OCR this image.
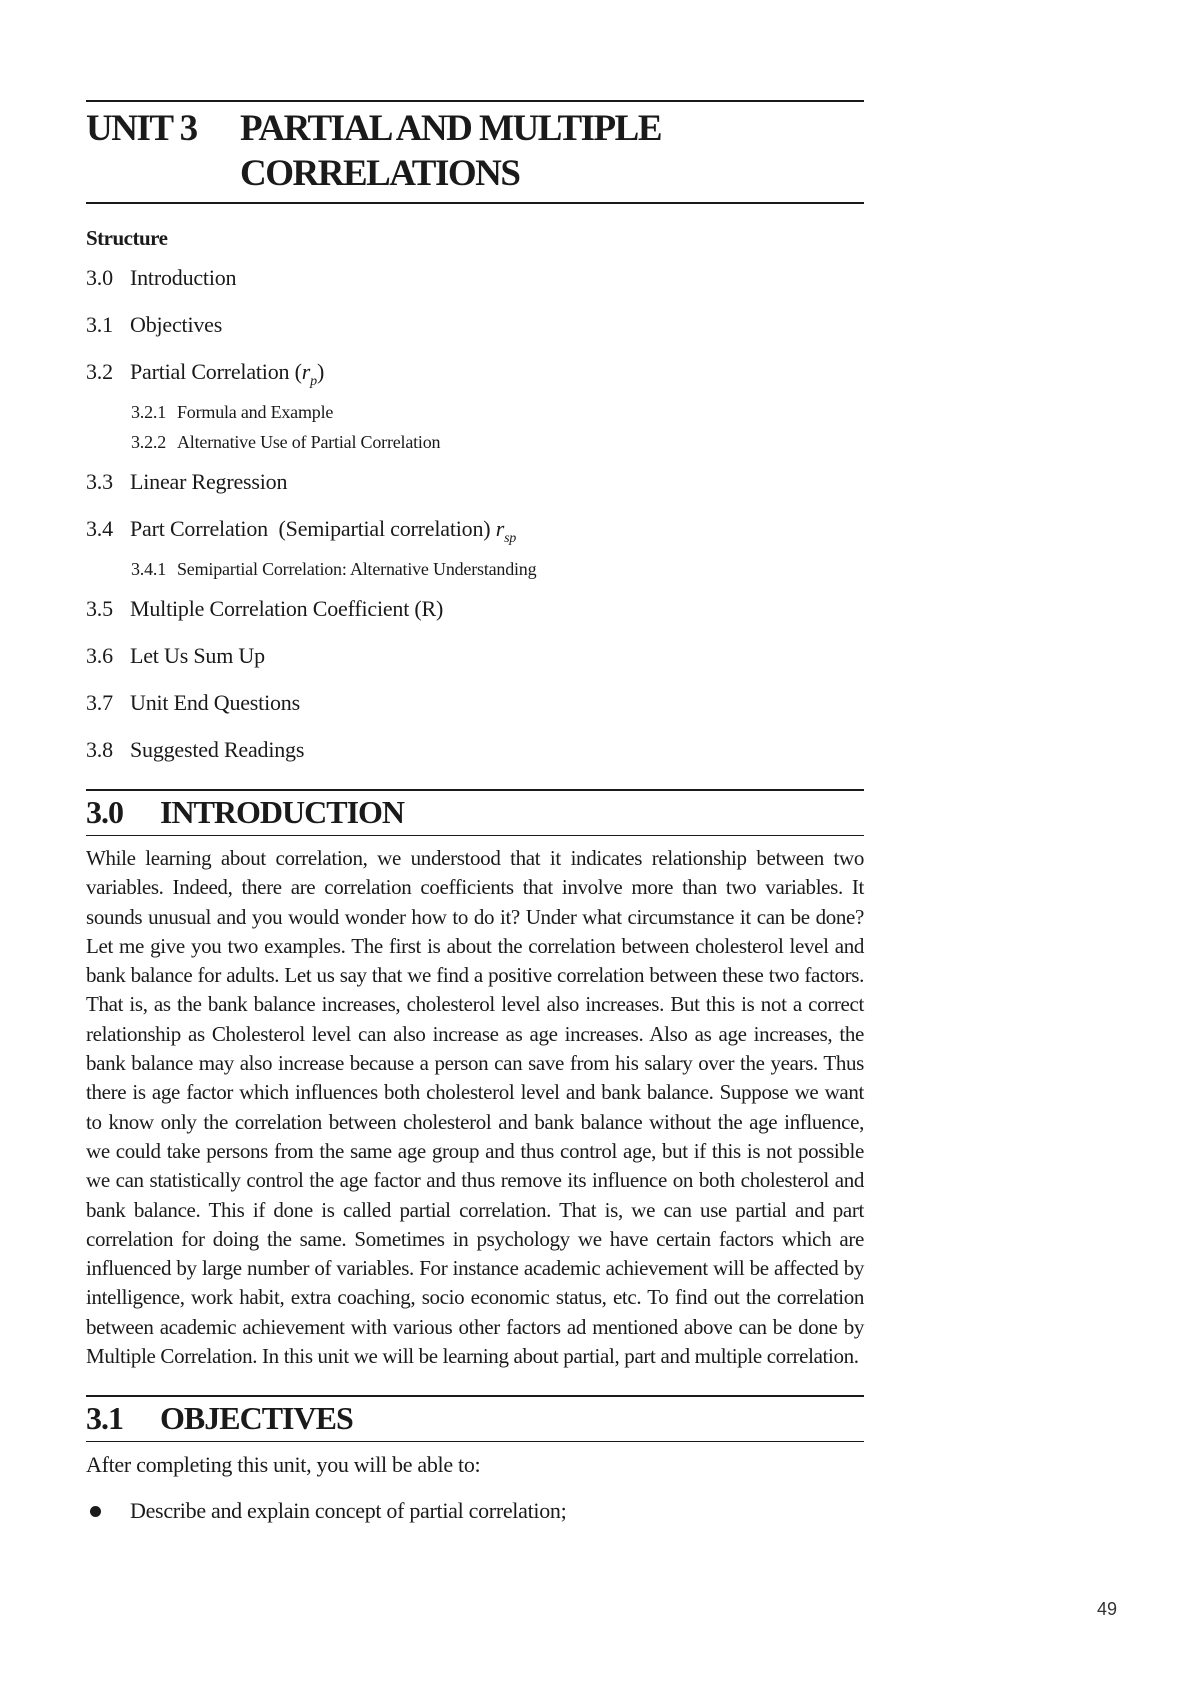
UNIT 3	PARTIAL AND MULTIPLE
CORRELATIONS
Structure
3.0 Introduction
3.1 Objectives
3.2 Partial Correlation $(r_p)$
3.2.1 Formula and Example
3.2.2 Alternative Use of Partial Correlation
3.3 Linear Regression
3.4 Part Correlation  (Semipartial correlation) $r_{sp}$
3.4.1 Semipartial Correlation: Alternative Understanding
3.5 Multiple Correlation Coefficient (R)
3.6 Let Us Sum Up
3.7 Unit End Questions
3.8 Suggested Readings
3.0	INTRODUCTION
While learning about correlation, we understood that it indicates relationship between two variables. Indeed, there are correlation coefficients that involve more than two variables. It sounds unusual and you would wonder how to do it? Under what circumstance it can be done? Let me give you two examples. The first is about the correlation between cholesterol level and bank balance for adults. Let us say that we find a positive correlation between these two factors. That is, as the bank balance increases, cholesterol level also increases. But this is not a correct relationship as Cholesterol level can also increase as age increases. Also as age increases, the bank balance may also increase because a person can save from his salary over the years. Thus there is age factor which influences both cholesterol level and bank balance. Suppose we want to know only the correlation between cholesterol and bank balance without the age influence, we could take persons from the same age group and thus control age, but if this is not possible we can statistically control the age factor and thus remove its influence on both cholesterol and bank balance. This if done is called partial correlation. That is, we can use partial and part correlation for doing the same. Sometimes in psychology we have certain factors which are influenced by large number of variables. For instance academic achievement will be affected by intelligence, work habit, extra coaching, socio economic status, etc. To find out the correlation between academic achievement with various other factors ad mentioned above can be done by Multiple Correlation. In this unit we will be learning about partial, part and multiple correlation.
3.1	OBJECTIVES
After completing this unit, you will be able to:
Describe and explain concept of partial correlation;
49
